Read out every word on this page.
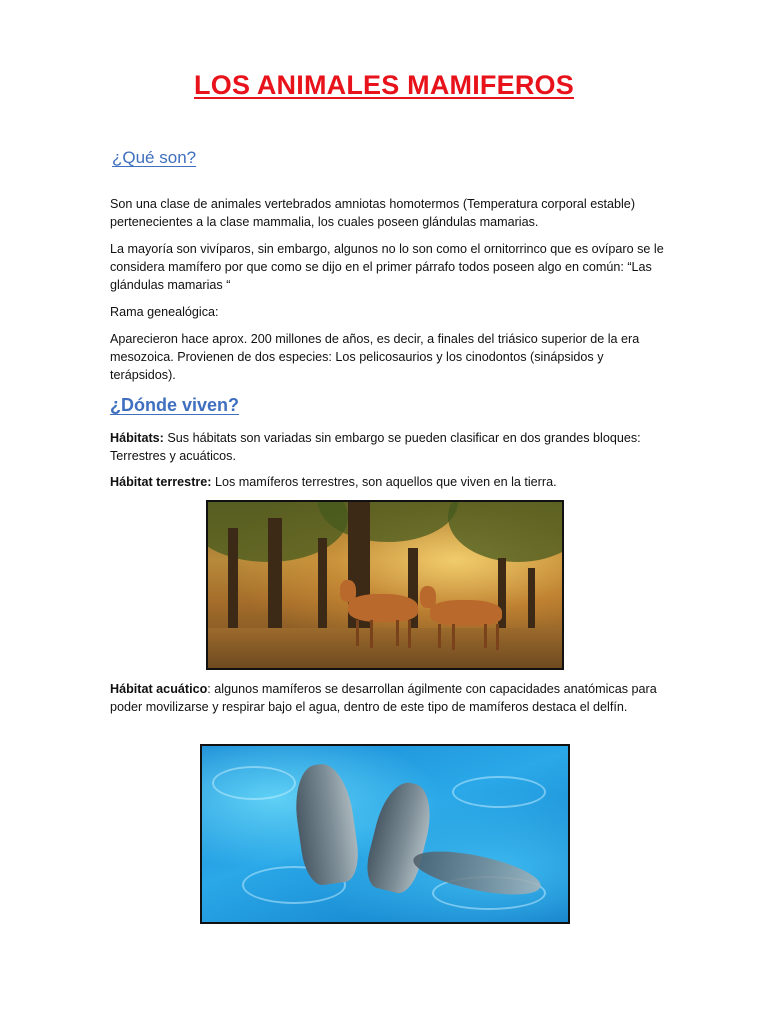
LOS ANIMALES MAMIFEROS
¿Qué son?
Son una clase de animales vertebrados amniotas homotermos (Temperatura corporal estable) pertenecientes a la clase mammalia, los cuales poseen glándulas mamarias.
La mayoría son vivíparos, sin embargo, algunos no lo son como el ornitorrinco que es ovíparo se le considera mamífero por que como se dijo en el primer párrafo todos poseen algo en común: “Las glándulas mamarias “
Rama genealógica:
Aparecieron hace aprox. 200 millones de años, es decir, a finales del triásico superior de la era mesozoica. Provienen de dos especies: Los pelicosaurios y los cinodontos (sinápsidos y terápsidos).
¿Dónde viven?
Hábitats: Sus hábitats son variadas sin embargo se pueden clasificar en dos grandes bloques: Terrestres y acuáticos.
Hábitat terrestre: Los mamíferos terrestres, son aquellos que viven en la tierra.
Hábitat acuático: algunos mamíferos se desarrollan ágilmente con capacidades anatómicas para poder movilizarse y respirar bajo el agua, dentro de este tipo de mamíferos destaca el delfín.
